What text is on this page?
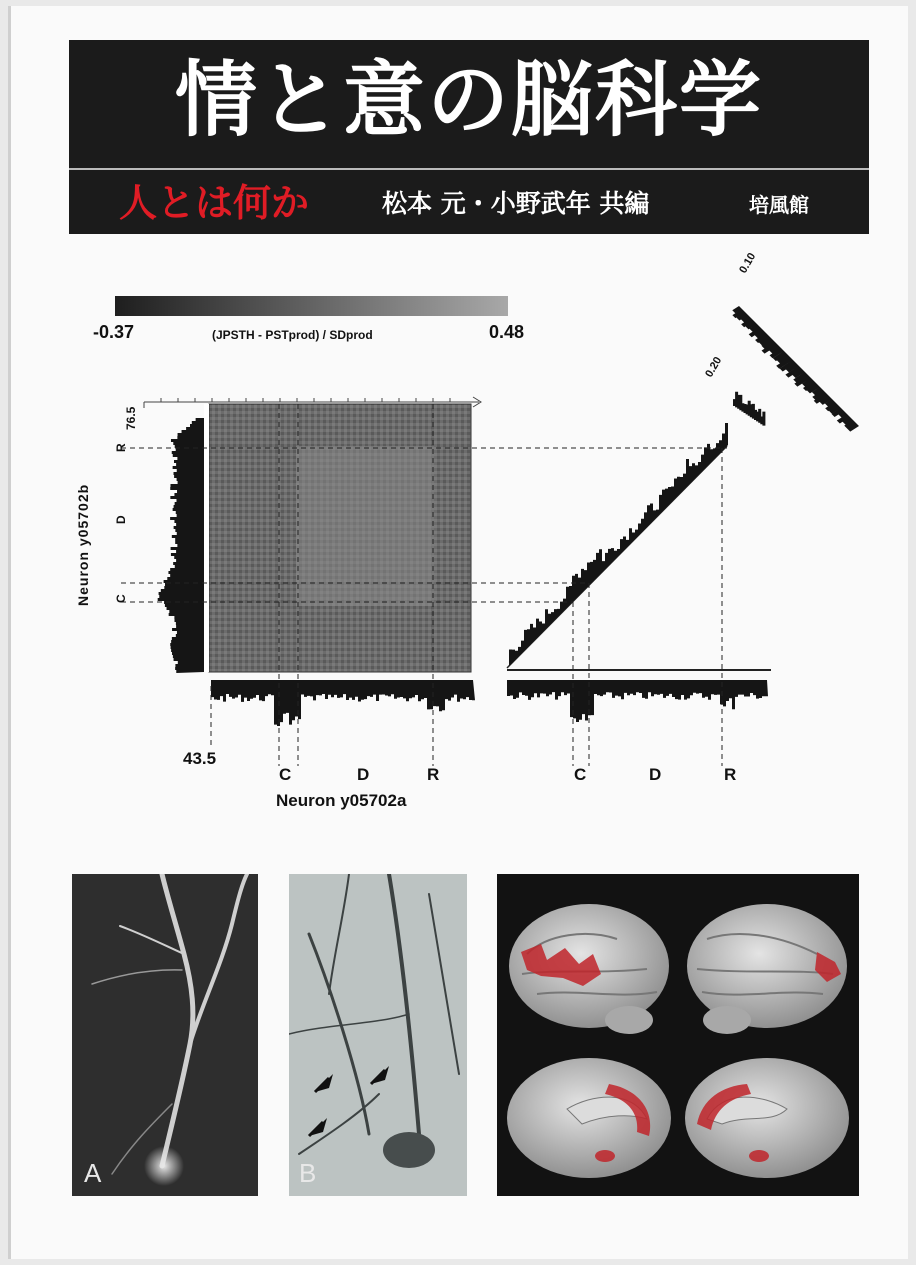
情と意の脳科学
人とは何か	松本 元・小野武年 共編	培風館
-0.37	0.48
(JPSTH - PSTprod) / SDprod
Neuron y05702b
76.5
R
D
C
43.5
C	D	R
Neuron y05702a
C	D	R
0.10
0.20
A	B
